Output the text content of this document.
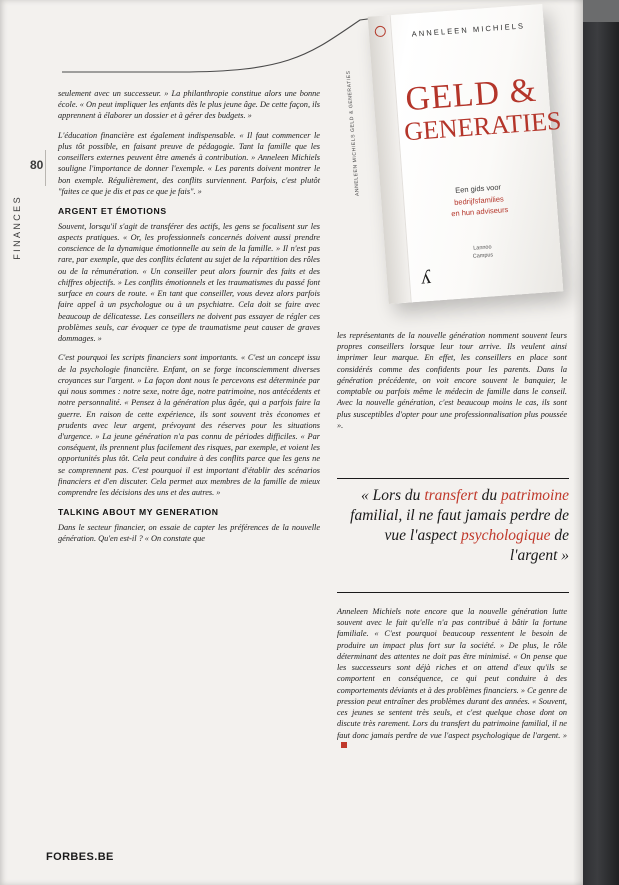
80
FINANCES
ANNELEEN MICHIELS GELD & GENERATIES
ANNELEEN MICHIELS
GELD &
GENERATIES
Een gids voor
bedrijfsfamilies
en hun adviseurs
Lannoo
Campus
ʎ

seulement avec un successeur. » La philanthropie constitue alors une bonne école. « On peut impliquer les enfants dès le plus jeune âge. De cette façon, ils apprennent à élaborer un dossier et à gérer des budgets. »

L'éducation financière est également indispensable. « Il faut commencer le plus tôt possible, en faisant preuve de pédagogie. Tant la famille que les conseillers externes peuvent être amenés à contribution. » Anneleen Michiels souligne l'importance de donner l'exemple. « Les parents doivent montrer le bon exemple. Régulièrement, des conflits surviennent. Parfois, c'est plutôt "faites ce que je dis et pas ce que je fais". »

ARGENT ET ÉMOTIONS

Souvent, lorsqu'il s'agit de transférer des actifs, les gens se focalisent sur les aspects pratiques. « Or, les professionnels concernés doivent aussi prendre conscience de la dynamique émotionnelle au sein de la famille. » Il n'est pas rare, par exemple, que des conflits éclatent au sujet de la répartition des rôles ou de la rémunération. « Un conseiller peut alors fournir des faits et des chiffres objectifs. » Les conflits émotionnels et les traumatismes du passé font surface en cours de route. « En tant que conseiller, vous devez alors parfois faire appel à un psychologue ou à un psychiatre. Cela doit se faire avec beaucoup de délicatesse. Les conseillers ne doivent pas essayer de régler ces problèmes seuls, car évoquer ce type de traumatisme peut causer de graves dommages. »

C'est pourquoi les scripts financiers sont importants. « C'est un concept issu de la psychologie financière. Enfant, on se forge inconsciemment diverses croyances sur l'argent. » La façon dont nous le percevons est déterminée par qui nous sommes : notre sexe, notre âge, notre patrimoine, nos antécédents et notre personnalité. « Pensez à la génération plus âgée, qui a parfois faire la guerre. En raison de cette expérience, ils sont souvent très économes et prudents avec leur argent, prévoyant des réserves pour les situations d'urgence. » La jeune génération n'a pas connu de périodes difficiles. « Par conséquent, ils prennent plus facilement des risques, par exemple, et voient les opportunités plus tôt. Cela peut conduire à des conflits parce que les gens ne se comprennent pas. C'est pourquoi il est important d'établir des scénarios financiers et d'en discuter. Cela permet aux membres de la famille de mieux comprendre les décisions des uns et des autres. »

TALKING ABOUT MY GENERATION

Dans le secteur financier, on essaie de capter les préférences de la nouvelle génération. Qu'en est-il ? « On constate que

les représentants de la nouvelle génération nomment souvent leurs propres conseillers lorsque leur tour arrive. Ils veulent ainsi imprimer leur marque. En effet, les conseillers en place sont considérés comme des confidents pour les parents. Dans la génération précédente, on voit encore souvent le banquier, le comptable ou parfois même le médecin de famille dans le conseil. Avec la nouvelle génération, c'est beaucoup moins le cas, ils sont plus susceptibles d'opter pour une professionnalisation plus poussée ».

« Lors du transfert du patrimoine familial, il ne faut jamais perdre de vue l'aspect psychologique de l'argent »

Anneleen Michiels note encore que la nouvelle génération lutte souvent avec le fait qu'elle n'a pas contribué à bâtir la fortune familiale. « C'est pourquoi beaucoup ressentent le besoin de produire un impact plus fort sur la société. » De plus, le rôle déterminant des attentes ne doit pas être minimisé. « On pense que les successeurs sont déjà riches et on attend d'eux qu'ils se comportent en conséquence, ce qui peut conduire à des comportements déviants et à des problèmes financiers. » Ce genre de pression peut entraîner des problèmes durant des années. « Souvent, ces jeunes se sentent très seuls, et c'est quelque chose dont on discute très rarement. Lors du transfert du patrimoine familial, il ne faut donc jamais perdre de vue l'aspect psychologique de l'argent. »

FORBES.BE
